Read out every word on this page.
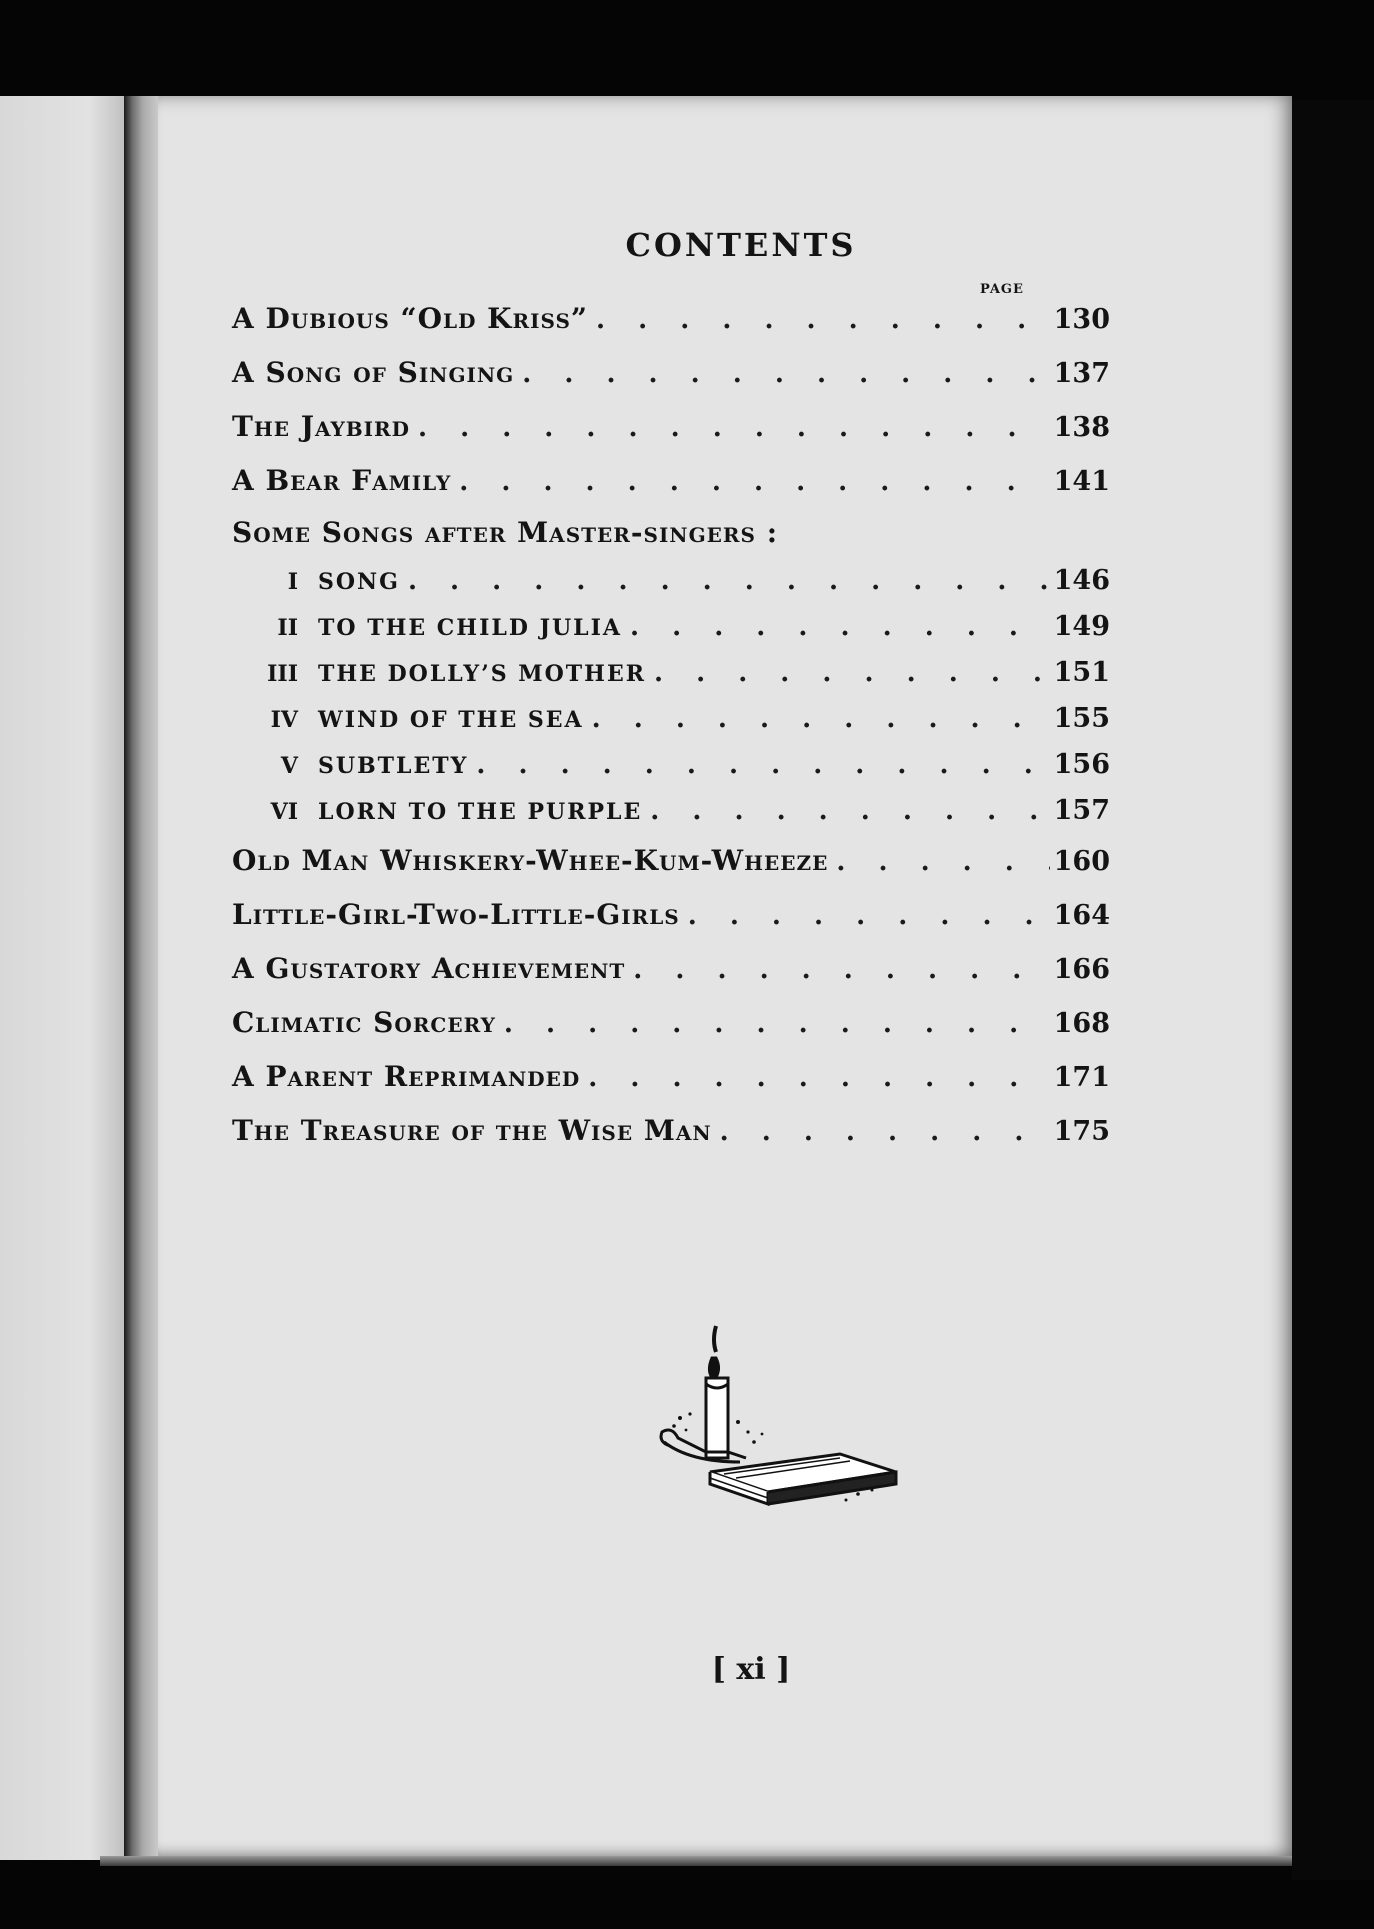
CONTENTS
PAGE
A Dubious “Old Kriss” . . .	130
A Song of Singing . . .	137
The Jaybird . . .	138
A Bear Family . . .	141
Some Songs after Master-singers :
I SONG . . .	146
II TO THE CHILD JULIA . . .	149
III THE DOLLY’S MOTHER . . .	151
IV WIND OF THE SEA . . .	155
V SUBTLETY . . .	156
VI LORN TO THE PURPLE . . .	157
Old Man Whiskery-Whee-Kum-Wheeze . . .	160
Little-Girl-Two-Little-Girls . . .	164
A Gustatory Achievement . . .	166
Climatic Sorcery . . .	168
A Parent Reprimanded . . .	171
The Treasure of the Wise Man . . .	175
[ xi ]
